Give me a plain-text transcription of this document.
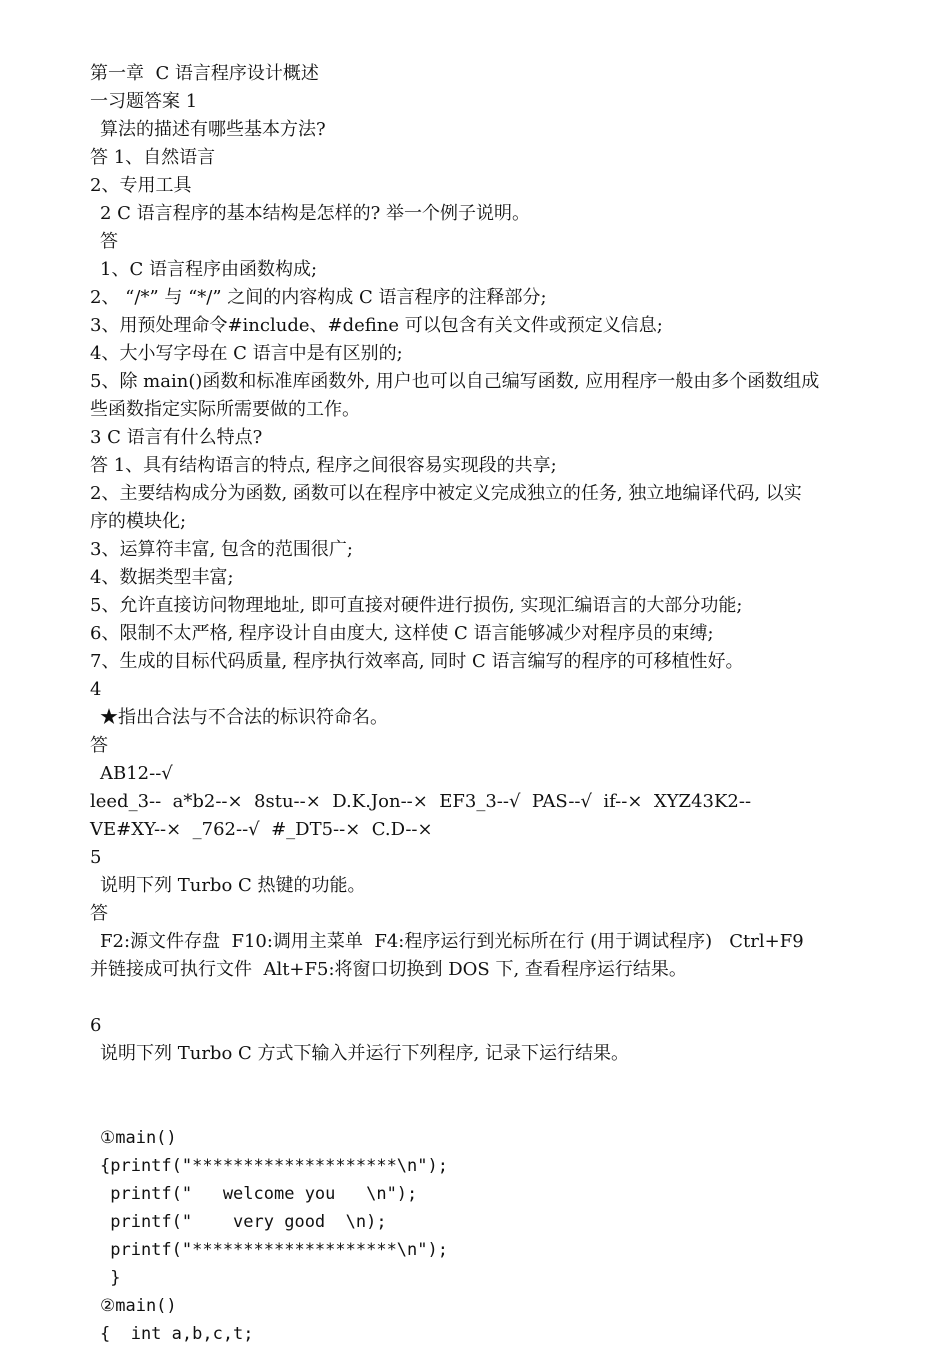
第一章  C 语言程序设计概述
一习题答案 1
算法的描述有哪些基本方法?
答 1、自然语言
2、专用工具
2 C 语言程序的基本结构是怎样的? 举一个例子说明。
答
1、C 语言程序由函数构成;
2、 “/*” 与 “*/” 之间的内容构成 C 语言程序的注释部分;
3、用预处理命令#include、#define 可以包含有关文件或预定义信息;
4、大小写字母在 C 语言中是有区别的;
5、除 main()函数和标准库函数外, 用户也可以自己编写函数, 应用程序一般由多个函数组成
些函数指定实际所需要做的工作。
3 C 语言有什么特点?
答 1、具有结构语言的特点, 程序之间很容易实现段的共享;
2、主要结构成分为函数, 函数可以在程序中被定义完成独立的任务, 独立地编译代码, 以实
序的模块化;
3、运算符丰富, 包含的范围很广;
4、数据类型丰富;
5、允许直接访问物理地址, 即可直接对硬件进行损伤, 实现汇编语言的大部分功能;
6、限制不太严格, 程序设计自由度大, 这样使 C 语言能够减少对程序员的束缚;
7、生成的目标代码质量, 程序执行效率高, 同时 C 语言编写的程序的可移植性好。
4
★指出合法与不合法的标识符命名。
答
AB12--√
leed_3--  a*b2--×  8stu--×  D.K.Jon--×  EF3_3--√  PAS--√  if--×  XYZ43K2--
VE#XY--×  _762--√  #_DT5--×  C.D--×
5
说明下列 Turbo C 热键的功能。
答
F2:源文件存盘  F10:调用主菜单  F4:程序运行到光标所在行 (用于调试程序)   Ctrl+F9
并链接成可执行文件  Alt+F5:将窗口切换到 DOS 下, 查看程序运行结果。
6
说明下列 Turbo C 方式下输入并运行下列程序, 记录下运行结果。
①main()
{printf("********************\n");
printf("   welcome you   \n");
printf("    very good  \n);
printf("********************\n");
}
②main()
{  int a,b,c,t;
